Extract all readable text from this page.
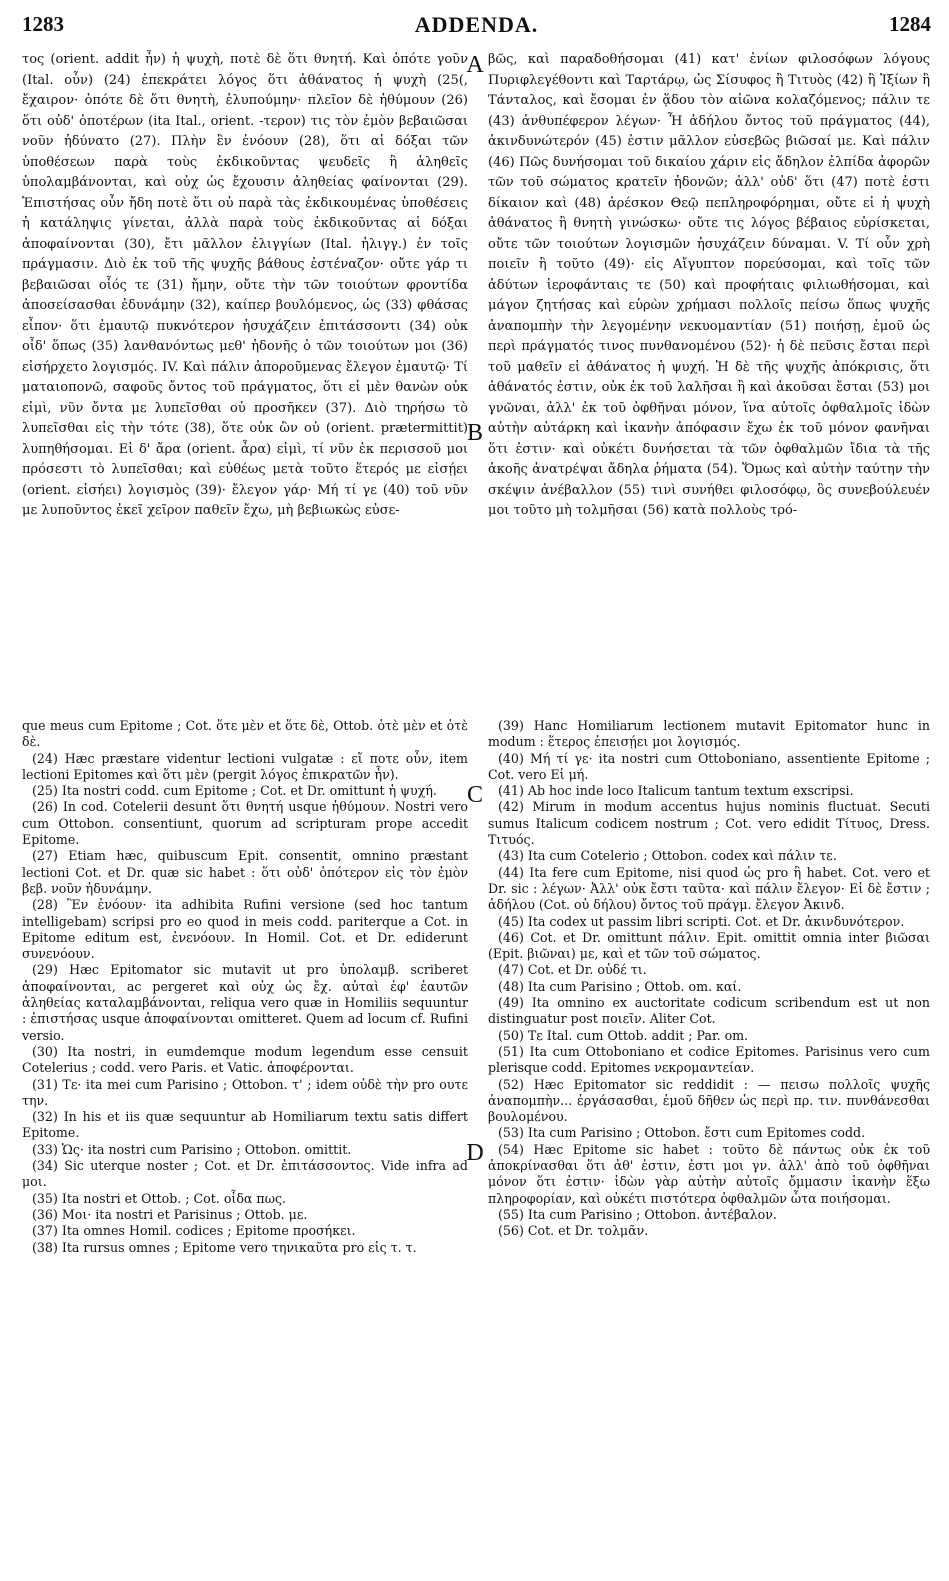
1283	ADDENDA.	1284

τος (orient. addit ἦν) ἡ ψυχὴ, ποτὲ δὲ ὅτι θνητή. Καὶ ὁπότε γοῦν (Ital. οὖν) (24) ἐπεκράτει λόγος ὅτι ἀθάνατος ἡ ψυχὴ (25(, ἔχαιρον· ὁπότε δὲ ὅτι θνητὴ, ἐλυπούμην· πλεῖον δὲ ἠθύμουν (26) ὅτι οὐδ' ὁποτέρων (ita Ital., orient. -τερον) τις τὸν ἐμὸν βεβαιῶσαι νοῦν ἠδύνατο (27). Πλὴν ἓν ἐνόουν (28), ὅτι αἱ δόξαι τῶν ὑποθέσεων παρὰ τοὺς ἐκδικοῦντας ψευδεῖς ἢ ἀληθεῖς ὑπολαμβάνονται, καὶ οὐχ ὡς ἔχουσιν ἀληθείας φαίνονται (29). Ἐπιστήσας οὖν ἤδη ποτὲ ὅτι οὐ παρὰ τὰς ἐκδικουμένας ὑποθέσεις ἡ κατάληψις γίνεται, ἀλλὰ παρὰ τοὺς ἐκδικοῦντας αἱ δόξαι ἀποφαίνονται (30), ἔτι μᾶλλον ἐλιγγίων (Ital. ἠλιγγ.) ἐν τοῖς πράγμασιν. Διὸ ἐκ τοῦ τῆς ψυχῆς βάθους ἐστέναζον· οὔτε γάρ τι βεβαιῶσαι οἷός τε (31) ἤμην, οὔτε τὴν τῶν τοιούτων φροντίδα ἀποσείσασθαι ἐδυνάμην (32), καίπερ βουλόμενος, ὡς (33) φθάσας εἶπον· ὅτι ἐμαυτῷ πυκνότερον ἡσυχάζειν ἐπιτάσσοντι (34) οὐκ οἶδ' ὅπως (35) λανθανόντως μεθ' ἡδονῆς ὁ τῶν τοιούτων μοι (36) εἰσήρχετο λογισμός. IV. Καὶ πάλιν ἀποροῦμενας ἔλεγον ἐμαυτῷ· Τί ματαιοπονῶ, σαφοῦς ὄντος τοῦ πράγματος, ὅτι εἰ μὲν θανὼν οὐκ εἰμὶ, νῦν ὄντα με λυπεῖσθαι οὐ προσῆκεν (37). Διὸ τηρήσω τὸ λυπεῖσθαι εἰς τὴν τότε (38), ὅτε οὐκ ὢν οὐ (orient. prætermittit) λυπηθήσομαι. Εἰ δ' ἄρα (orient. ἆρα) εἰμὶ, τί νῦν ἐκ περισσοῦ μοι πρόσεστι τὸ λυπεῖσθαι; καὶ εὐθέως μετὰ τοῦτο ἕτερός με εἰσῄει (orient. εἰσήει) λογισμὸς (39)· ἔλεγον γάρ· Μή τί γε (40) τοῦ νῦν με λυποῦντος ἐκεῖ χεῖρον παθεῖν ἔχω, μὴ βεβιωκὼς εὐσε-

βῶς, καὶ παραδοθήσομαι (41) κατ' ἐνίων φιλοσόφων λόγους Πυριφλεγέθοντι καὶ Ταρτάρῳ, ὡς Σίσυφος ἢ Τιτυὸς (42) ἢ Ἰξίων ἢ Τάνταλος, καὶ ἔσομαι ἐν ᾅδου τὸν αἰῶνα κολαζόμενος; πάλιν τε (43) ἀνθυπέφερον λέγων· Ἦ ἀδήλου ὄντος τοῦ πράγματος (44), ἀκινδυνώτερόν (45) ἐστιν μᾶλλον εὐσεβῶς βιῶσαί με. Καὶ πάλιν (46) Πῶς δυνήσομαι τοῦ δικαίου χάριν εἰς ἄδηλον ἐλπίδα ἀφορῶν τῶν τοῦ σώματος κρατεῖν ἡδονῶν; ἀλλ' οὐδ' ὅτι (47) ποτὲ ἐστι δίκαιον καὶ (48) ἀρέσκον Θεῷ πεπληροφόρημαι, οὔτε εἰ ἡ ψυχὴ ἀθάνατος ἢ θνητὴ γινώσκω· οὔτε τις λόγος βέβαιος εὑρίσκεται, οὔτε τῶν τοιούτων λογισμῶν ἡσυχάζειν δύναμαι. V. Τί οὖν χρὴ ποιεῖν ἢ τοῦτο (49)· εἰς Αἴγυπτον πορεύσομαι, καὶ τοῖς τῶν ἀδύτων ἱεροφάνταις τε (50) καὶ προφήταις φιλιωθήσομαι, καὶ μάγον ζητήσας καὶ εὑρὼν χρήμασι πολλοῖς πείσω ὅπως ψυχῆς ἀναπομπὴν τὴν λεγομένην νεκυομαντίαν (51) ποιήσῃ, ἐμοῦ ὡς περὶ πράγματός τινος πυνθανομένου (52)· ἡ δὲ πεῦσις ἔσται περὶ τοῦ μαθεῖν εἰ ἀθάνατος ἡ ψυχή. Ἡ δὲ τῆς ψυχῆς ἀπόκρισις, ὅτι ἀθάνατός ἐστιν, οὐκ ἐκ τοῦ λαλῆσαι ἢ καὶ ἀκοῦσαι ἔσται (53) μοι γνῶναι, ἀλλ' ἐκ τοῦ ὀφθῆναι μόνον, ἵνα αὐτοῖς ὀφθαλμοῖς ἰδὼν αὐτὴν αὐτάρκη καὶ ἱκανὴν ἀπόφασιν ἔχω ἐκ τοῦ μόνον φανῆναι ὅτι ἐστιν· καὶ οὐκέτι δυνήσεται τὰ τῶν ὀφθαλμῶν ἴδια τὰ τῆς ἀκοῆς ἀνατρέψαι ἄδηλα ῥήματα (54). Ὅμως καὶ αὐτὴν ταύτην τὴν σκέψιν ἀνέβαλλον (55) τινὶ συνήθει φιλοσόφῳ, ὃς συνεβούλευέν μοι τοῦτο μὴ τολμῆσαι (56) κατὰ πολλοὺς τρό-

que meus cum Epitome ; Cot. ὅτε μὲν et ὅτε δὲ, Ottob. ὁτὲ μὲν et ὁτὲ δὲ.

(24) Hæc præstare videntur lectioni vulgatæ : εἴ ποτε οὖν, item lectioni Epitomes καὶ ὅτι μὲν (pergit λόγος ἐπικρατῶν ἦν).

(25) Ita nostri codd. cum Epitome ; Cot. et Dr. omittunt ἡ ψυχή.

(26) In cod. Cotelerii desunt ὅτι θνητή usque ἠθύμουν. Nostri vero cum Ottobon. consentiunt, quorum ad scripturam prope accedit Epitome.

(27) Etiam hæc, quibuscum Epit. consentit, omnino præstant lectioni Cot. et Dr. quæ sic habet : ὅτι οὐδ' ὁπότερον εἰς τὸν ἐμὸν βεβ. νοῦν ἠδυνάμην.

(28) Ἓν ἐνόουν· ita adhibita Rufini versione (sed hoc tantum intelligebam) scripsi pro eo quod in meis codd. pariterque a Cot. in Epitome editum est, ἐνενόουν. In Homil. Cot. et Dr. ediderunt συνενόουν.

(29) Hæc Epitomator sic mutavit ut pro ὑπολαμβ. scriberet ἀποφαίνονται, ac pergeret καὶ οὐχ ὡς ἔχ. αὐταὶ ἐφ' ἑαυτῶν ἀληθείας καταλαμβάνονται, reliqua vero quæ in Homiliis sequuntur : ἐπιστήσας usque ἀποφαίνονται omitteret. Quem ad locum cf. Rufini versio.

(30) Ita nostri, in eumdemque modum legendum esse censuit Cotelerius ; codd. vero Paris. et Vatic. ἀποφέρονται.

(31) Τε· ita mei cum Parisino ; Ottobon. τ' ; idem οὐδὲ τὴν pro ουτε την.

(32) In his et iis quæ sequuntur ab Homiliarum textu satis differt Epitome.

(33) Ὡς· ita nostri cum Parisino ; Ottobon. omittit.

(34) Sic uterque noster ; Cot. et Dr. ἐπιτάσσοντος. Vide infra ad μοι.

(35) Ita nostri et Ottob. ; Cot. οἶδα πως.

(36) Μοι· ita nostri et Parisinus ; Ottob. με.

(37) Ita omnes Homil. codices ; Epitome προσήκει.

(38) Ita rursus omnes ; Epitome vero τηνικαῦτα pro εἰς τ. τ.

(39) Hanc Homiliarum lectionem mutavit Epitomator hunc in modum : ἕτερος ἐπεισῄει μοι λογισμός.

(40) Μή τί γε· ita nostri cum Ottoboniano, assentiente Epitome ; Cot. vero Εἰ μή.

(41) Ab hoc inde loco Italicum tantum textum exscripsi.

(42) Mirum in modum accentus hujus nominis fluctuat. Secuti sumus Italicum codicem nostrum ; Cot. vero edidit Τίτυος, Dress. Τιτυός.

(43) Ita cum Cotelerio ; Ottobon. codex καὶ πάλιν τε.

(44) Ita fere cum Epitome, nisi quod ὡς pro ἢ habet. Cot. vero et Dr. sic : λέγων· Ἀλλ' οὐκ ἔστι ταῦτα· καὶ πάλιν ἔλεγον· Εἰ δὲ ἔστιν ; ἀδήλου (Cot. οὐ δήλου) ὄντος τοῦ πράγμ. ἔλεγον Ἀκινδ.

(45) Ita codex ut passim libri scripti. Cot. et Dr. ἀκινδυνότερον.

(46) Cot. et Dr. omittunt πάλιν. Epit. omittit omnia inter βιῶσαι (Epit. βιῶναι) με, καὶ et τῶν τοῦ σώματος.

(47) Cot. et Dr. οὐδέ τι.

(48) Ita cum Parisino ; Ottob. om. καί.

(49) Ita omnino ex auctoritate codicum scribendum est ut non distinguatur post ποιεῖν. Aliter Cot.

(50) Τε Ital. cum Ottob. addit ; Par. om.

(51) Ita cum Ottoboniano et codice Epitomes. Parisinus vero cum plerisque codd. Epitomes νεκρομαντείαν.

(52) Hæc Epitomator sic reddidit : — πεισω πολλοῖς ψυχῆς ἀναπομπὴν... ἐργάσασθαι, ἐμοῦ δῆθεν ὡς περὶ πρ. τιν. πυνθάνεσθαι βουλομένου.

(53) Ita cum Parisino ; Ottobon. ἔστι cum Epitomes codd.

(54) Hæc Epitome sic habet : τοῦτο δὲ πάντως οὐκ ἐκ τοῦ ἀποκρίνασθαι ὅτι ἀθ' ἐστιν, ἐστι μοι γν. ἀλλ' ἀπὸ τοῦ ὀφθῆναι μόνον ὅτι ἐστιν· ἰδὼν γὰρ αὐτὴν αὐτοῖς ὄμμασιν ἱκανὴν ἕξω πληροφορίαν, καὶ οὐκέτι πιστότερα ὀφθαλμῶν ὦτα ποιήσομαι.

(55) Ita cum Parisino ; Ottobon. ἀντέβαλον.

(56) Cot. et Dr. τολμᾶν.

A
B
C
D
